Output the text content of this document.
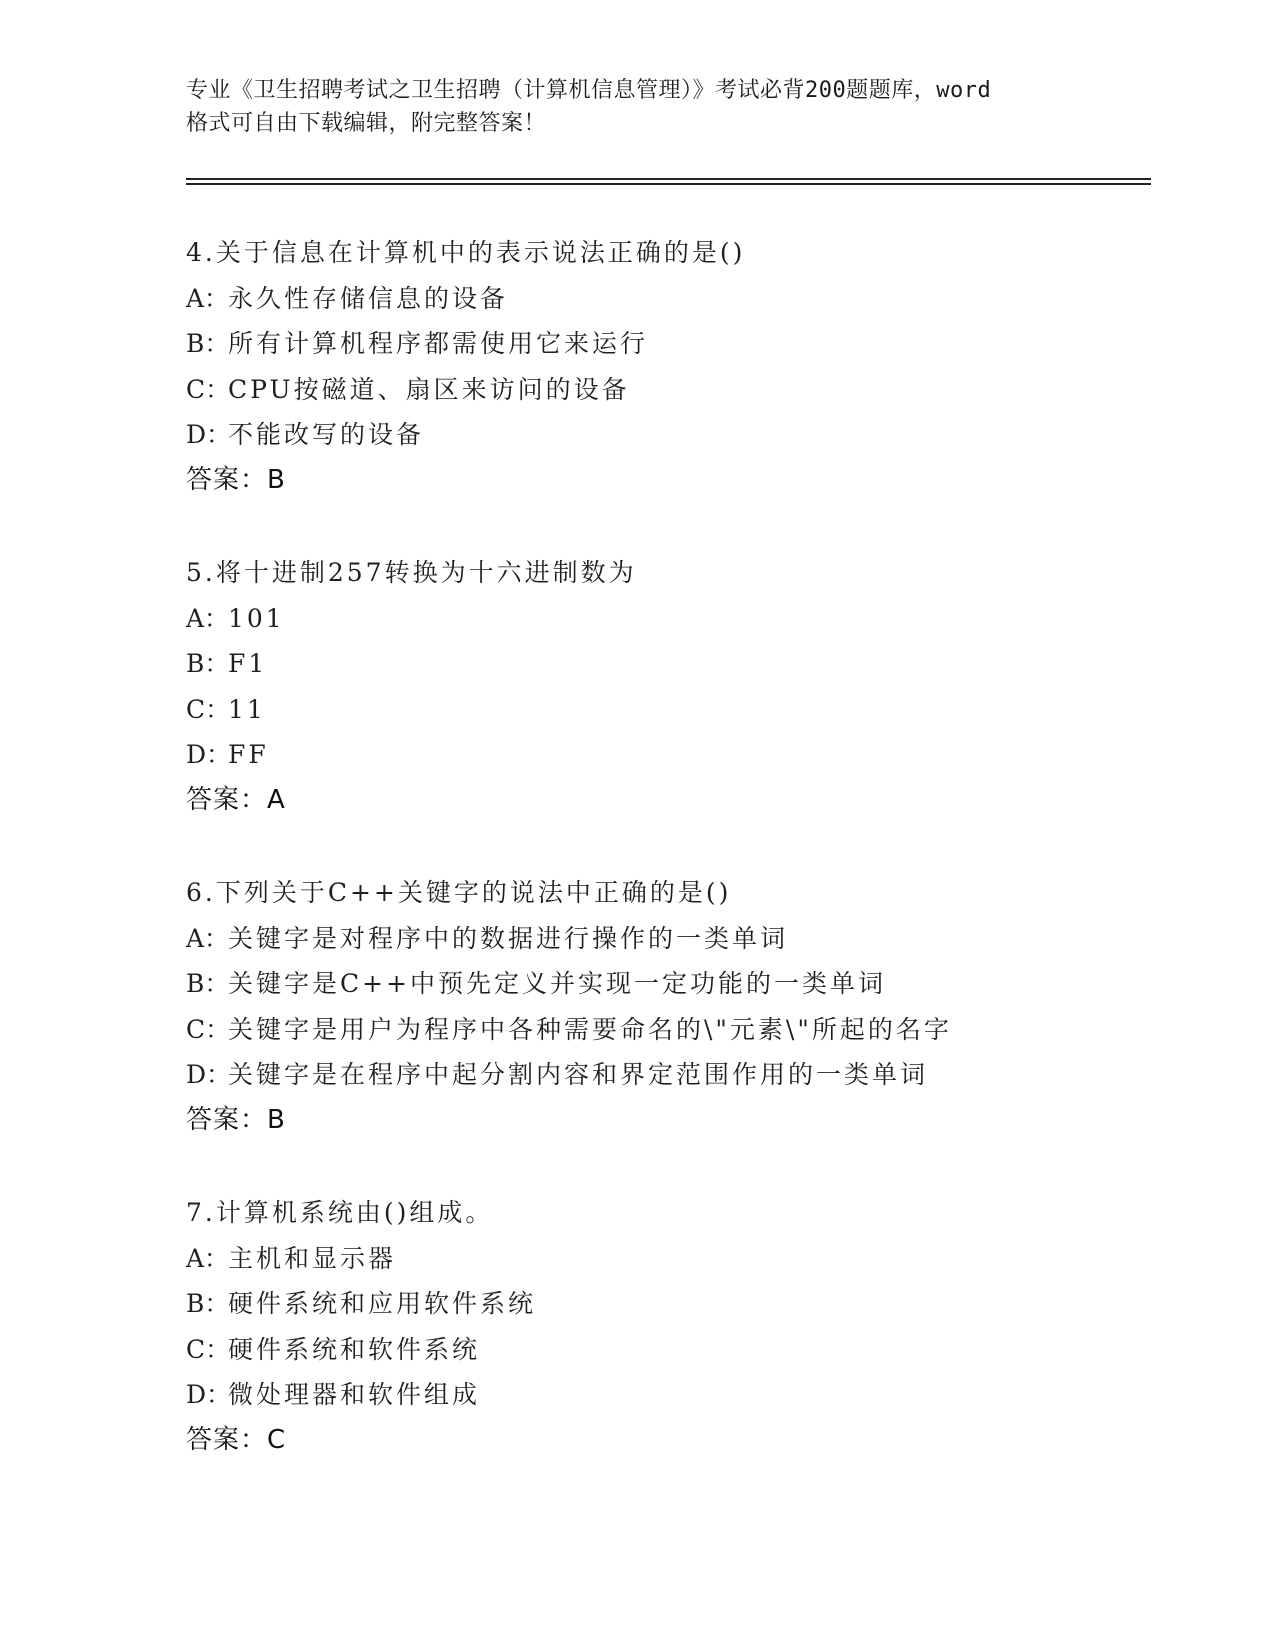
专业《卫生招聘考试之卫生招聘（计算机信息管理）》考试必背200题题库，word
格式可自由下载编辑，附完整答案！
4.关于信息在计算机中的表示说法正确的是()
A：永久性存储信息的设备
B：所有计算机程序都需使用它来运行
C：CPU按磁道、扇区来访问的设备
D：不能改写的设备
答案：B
5.将十进制257转换为十六进制数为
A：101
B：F1
C：11
D：FF
答案：A
6.下列关于C++关键字的说法中正确的是()
A：关键字是对程序中的数据进行操作的一类单词
B：关键字是C++中预先定义并实现一定功能的一类单词
C：关键字是用户为程序中各种需要命名的\"元素\"所起的名字
D：关键字是在程序中起分割内容和界定范围作用的一类单词
答案：B
7.计算机系统由()组成。
A：主机和显示器
B：硬件系统和应用软件系统
C：硬件系统和软件系统
D：微处理器和软件组成
答案：C
